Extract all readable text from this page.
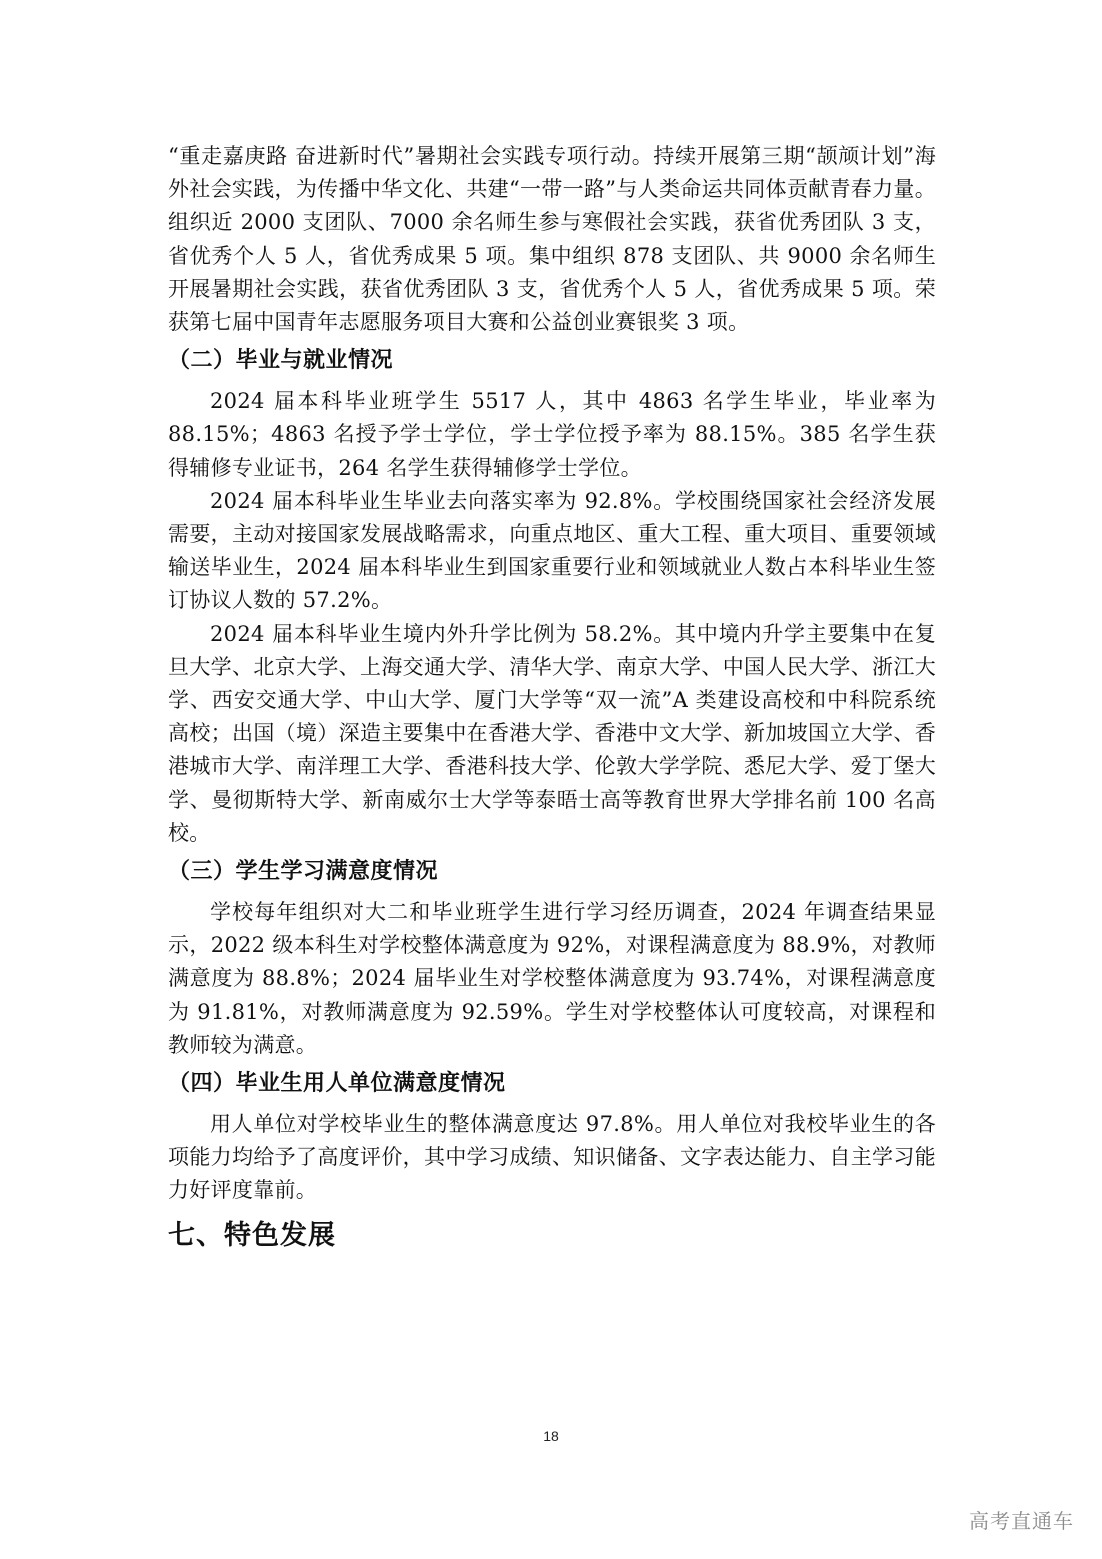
“重走嘉庚路 奋进新时代”暑期社会实践专项行动。持续开展第三期“颉颃计划”海外社会实践，为传播中华文化、共建“一带一路”与人类命运共同体贡献青春力量。组织近 2000 支团队、7000 余名师生参与寒假社会实践，获省优秀团队 3 支，省优秀个人 5 人，省优秀成果 5 项。集中组织 878 支团队、共 9000 余名师生开展暑期社会实践，获省优秀团队 3 支，省优秀个人 5 人，省优秀成果 5 项。荣获第七届中国青年志愿服务项目大赛和公益创业赛银奖 3 项。

（二）毕业与就业情况

2024 届本科毕业班学生 5517 人，其中 4863 名学生毕业，毕业率为 88.15%；4863 名授予学士学位，学士学位授予率为 88.15%。385 名学生获得辅修专业证书，264 名学生获得辅修学士学位。

2024 届本科毕业生毕业去向落实率为 92.8%。学校围绕国家社会经济发展需要，主动对接国家发展战略需求，向重点地区、重大工程、重大项目、重要领域输送毕业生，2024 届本科毕业生到国家重要行业和领域就业人数占本科毕业生签订协议人数的 57.2%。

2024 届本科毕业生境内外升学比例为 58.2%。其中境内升学主要集中在复旦大学、北京大学、上海交通大学、清华大学、南京大学、中国人民大学、浙江大学、西安交通大学、中山大学、厦门大学等“双一流”A 类建设高校和中科院系统高校；出国（境）深造主要集中在香港大学、香港中文大学、新加坡国立大学、香港城市大学、南洋理工大学、香港科技大学、伦敦大学学院、悉尼大学、爱丁堡大学、曼彻斯特大学、新南威尔士大学等泰晤士高等教育世界大学排名前 100 名高校。

（三）学生学习满意度情况

学校每年组织对大二和毕业班学生进行学习经历调查，2024 年调查结果显示，2022 级本科生对学校整体满意度为 92%，对课程满意度为 88.9%，对教师满意度为 88.8%；2024 届毕业生对学校整体满意度为 93.74%，对课程满意度为 91.81%，对教师满意度为 92.59%。学生对学校整体认可度较高，对课程和教师较为满意。

（四）毕业生用人单位满意度情况

用人单位对学校毕业生的整体满意度达 97.8%。用人单位对我校毕业生的各项能力均给予了高度评价，其中学习成绩、知识储备、文字表达能力、自主学习能力好评度靠前。

七、特色发展
18
高考直通车
